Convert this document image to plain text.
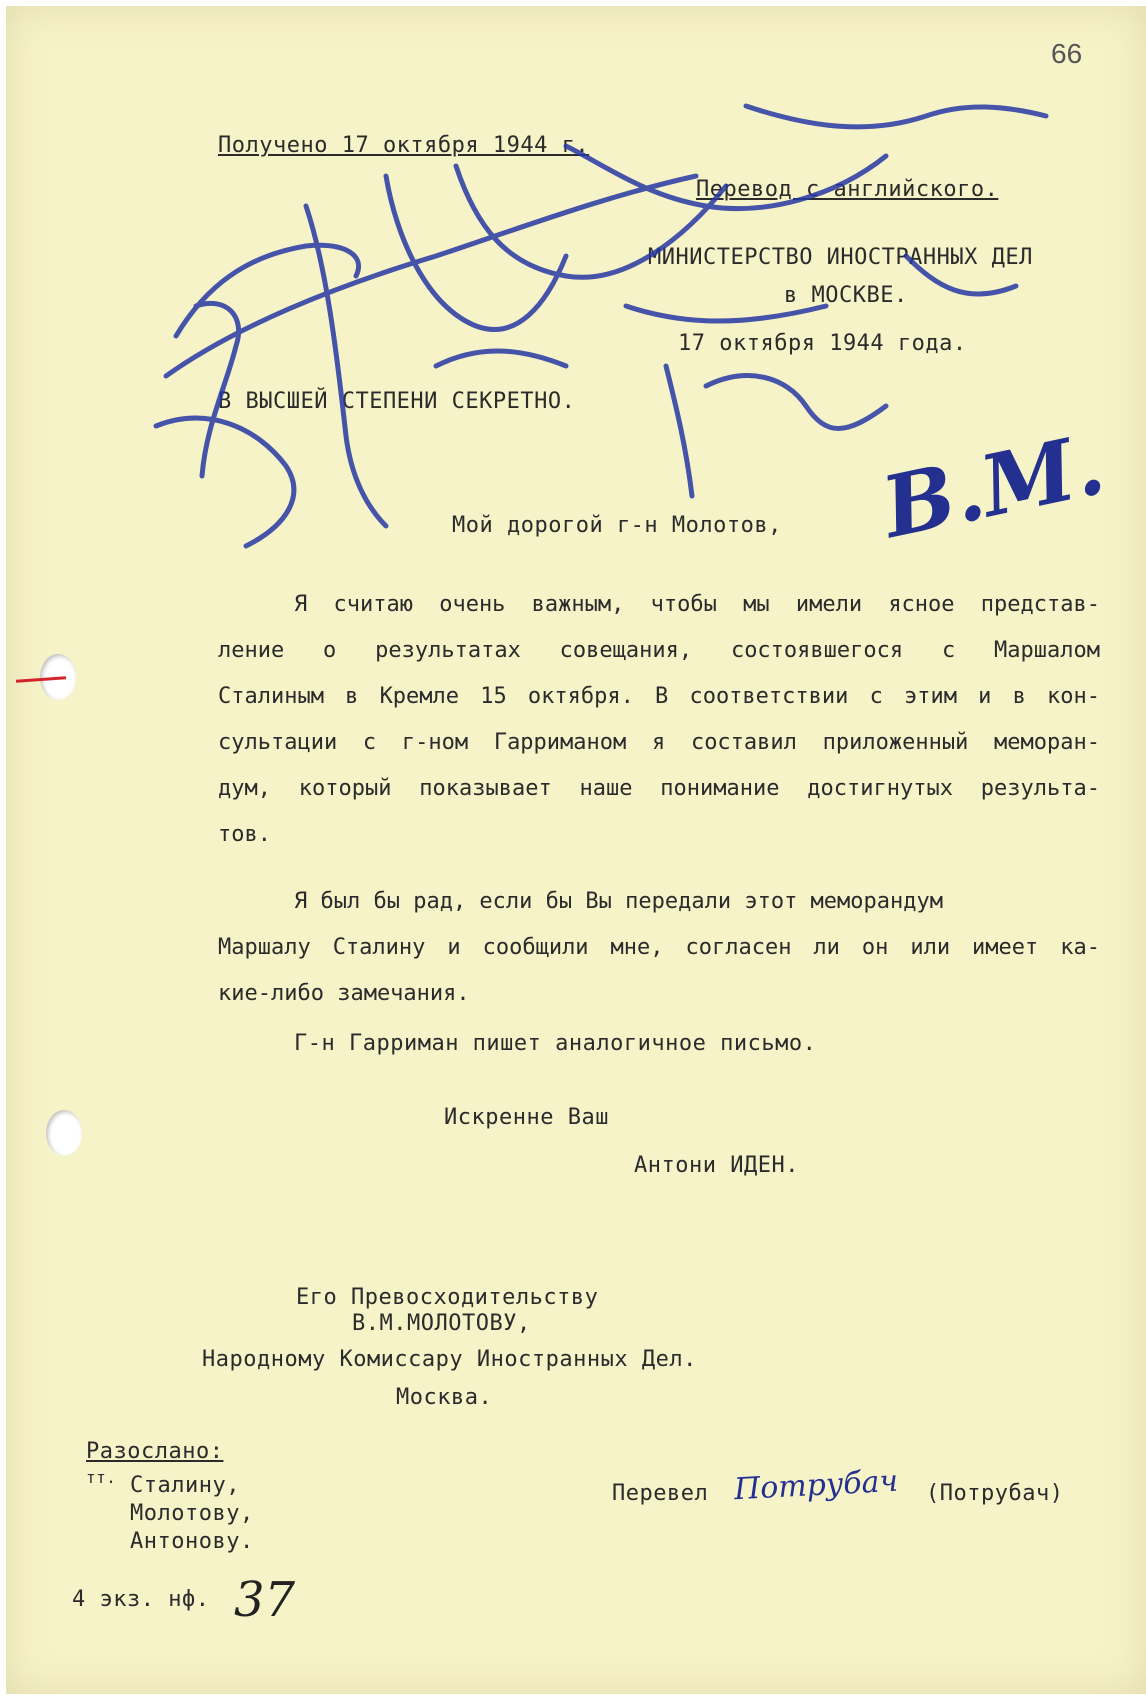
66
Получено 17 октября 1944 г.
Перевод с английского.
МИНИСТЕРСТВО ИНОСТРАННЫХ ДЕЛ
в МОСКВЕ.
17 октября 1944 года.
В ВЫСШЕЙ СТЕПЕНИ СЕКРЕТНО.
Мой дорогой г-н Молотов,
Я считаю очень важным, чтобы мы имели ясное представ-
ление о результатах совещания, состоявшегося с Маршалом
Сталиным в Кремле 15 октября. В соответствии с этим и в кон-
сультации с г-ном Гарриманом я составил приложенный меморан-
дум, который показывает наше понимание достигнутых результа-
тов.
Я был бы рад, если бы Вы передали этот меморандум
Маршалу Сталину и сообщили мне, согласен ли он или имеет ка-
кие-либо замечания.
Г-н Гарриман пишет аналогичное письмо.
Искренне Ваш
Антони ИДЕН.
Его Превосходительству
В.М.МОЛОТОВУ,
Народному Комиссару Иностранных Дел.
Москва.
Разослано:
тт. Сталину,
Молотову,
Антонову.
Перевел Потрубач (Потрубач)
4 экз. нф. 37
В.М.
